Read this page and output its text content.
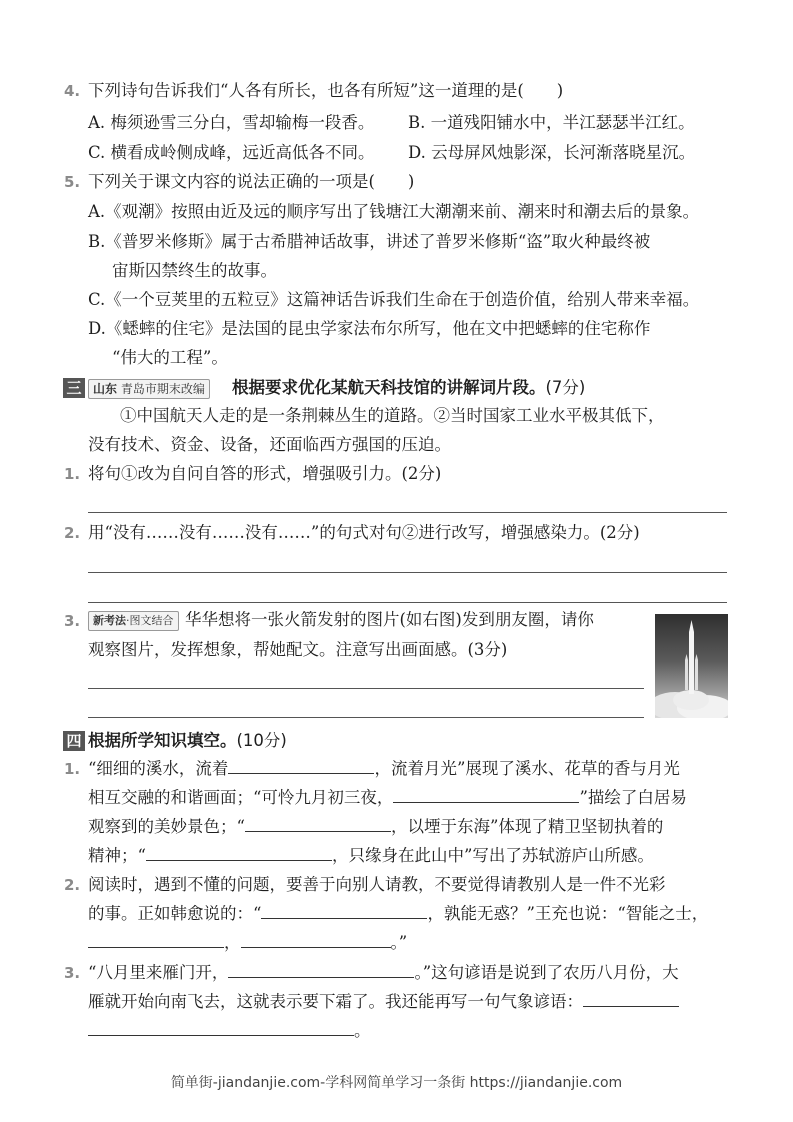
4. 下列诗句告诉我们“人各有所长，也各有所短”这一道理的是(　　)
A. 梅须逊雪三分白，雪却输梅一段香。 B. 一道残阳铺水中，半江瑟瑟半江红。
C. 横看成岭侧成峰，远近高低各不同。 D. 云母屏风烛影深，长河渐落晓星沉。
5. 下列关于课文内容的说法正确的一项是(　　)
A.《观潮》按照由近及远的顺序写出了钱塘江大潮潮来前、潮来时和潮去后的景象。
B.《普罗米修斯》属于古希腊神话故事，讲述了普罗米修斯“盗”取火种最终被
宙斯囚禁终生的故事。
C.《一个豆荚里的五粒豆》这篇神话告诉我们生命在于创造价值，给别人带来幸福。
D.《蟋蟀的住宅》是法国的昆虫学家法布尔所写，他在文中把蟋蟀的住宅称作
“伟大的工程”。
三 山东 青岛市期末改编	根据要求优化某航天科技馆的讲解词片段。(7分)
①中国航天人走的是一条荆棘丛生的道路。②当时国家工业水平极其低下，
没有技术、资金、设备，还面临西方强国的压迫。
1. 将句①改为自问自答的形式，增强吸引力。(2分)
2. 用“没有……没有……没有……”的句式对句②进行改写，增强感染力。(2分)
3.	新考法·图文结合 华华想将一张火箭发射的图片(如右图)发到朋友圈，请你
观察图片，发挥想象，帮她配文。注意写出画面感。(3分)
四 根据所学知识填空。(10分)
1. “细细的溪水，流着	，流着月光”展现了溪水、花草的香与月光
相互交融的和谐画面；“可怜九月初三夜，	”描绘了白居易
观察到的美妙景色；“	，以堙于东海”体现了精卫坚韧执着的
精神；“	，只缘身在此山中”写出了苏轼游庐山所感。
2. 阅读时，遇到不懂的问题，要善于向别人请教，不要觉得请教别人是一件不光彩
的事。正如韩愈说的：“	，孰能无惑？”王充也说：“智能之士，
，	。”
3. “八月里来雁门开，	。”这句谚语是说到了农历八月份，大
雁就开始向南飞去，这就表示要下霜了。我还能再写一句气象谚语：
。
简单街-jiandanjie.com-学科网简单学习一条街 https://jiandanjie.com
